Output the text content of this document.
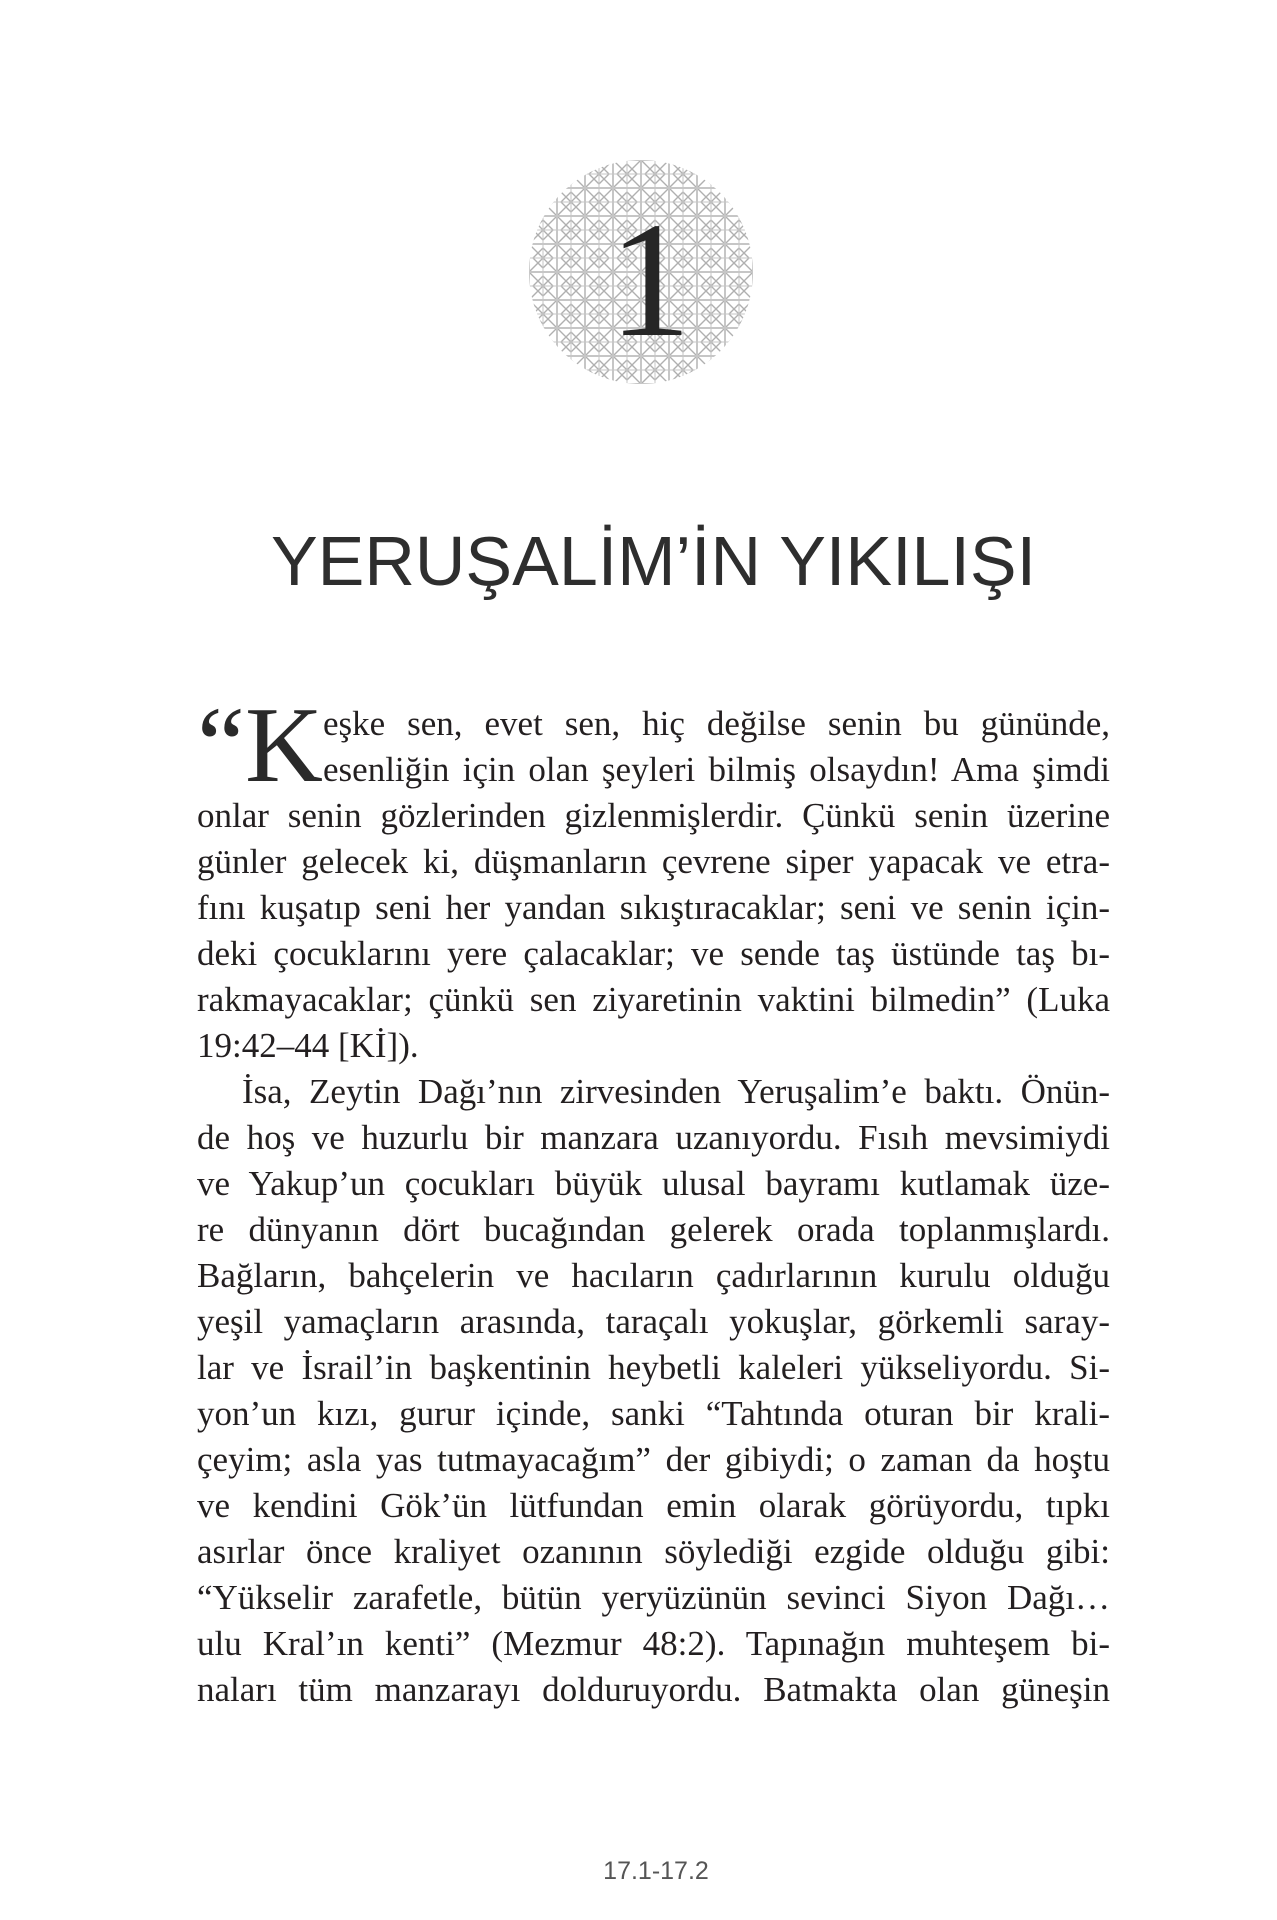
1
YERUŞALİM’İN YIKILIŞI
“K eşke sen, evet sen, hiç değilse senin bu gününde,
esenliğin için olan şeyleri bilmiş olsaydın! Ama şimdi
onlar senin gözlerinden gizlenmişlerdir. Çünkü senin üzerine
günler gelecek ki, düşmanların çevrene siper yapacak ve etra-
fını kuşatıp seni her yandan sıkıştıracaklar; seni ve senin için-
deki çocuklarını yere çalacaklar; ve sende taş üstünde taş bı-
rakmayacaklar; çünkü sen ziyaretinin vaktini bilmedin” (Luka
19:42–44 [Kİ]).
İsa, Zeytin Dağı’nın zirvesinden Yeruşalim’e baktı. Önün-
de hoş ve huzurlu bir manzara uzanıyordu. Fısıh mevsimiydi
ve Yakup’un çocukları büyük ulusal bayramı kutlamak üze-
re dünyanın dört bucağından gelerek orada toplanmışlardı.
Bağların, bahçelerin ve hacıların çadırlarının kurulu olduğu
yeşil yamaçların arasında, taraçalı yokuşlar, görkemli saray-
lar ve İsrail’in başkentinin heybetli kaleleri yükseliyordu. Si-
yon’un kızı, gurur içinde, sanki “Tahtında oturan bir krali-
çeyim; asla yas tutmayacağım” der gibiydi; o zaman da hoştu
ve kendini Gök’ün lütfundan emin olarak görüyordu, tıpkı
asırlar önce kraliyet ozanının söylediği ezgide olduğu gibi:
“Yükselir zarafetle, bütün yeryüzünün sevinci Siyon Dağı…
ulu Kral’ın kenti” (Mezmur 48:2). Tapınağın muhteşem bi-
naları tüm manzarayı dolduruyordu. Batmakta olan güneşin
17.1-17.2
